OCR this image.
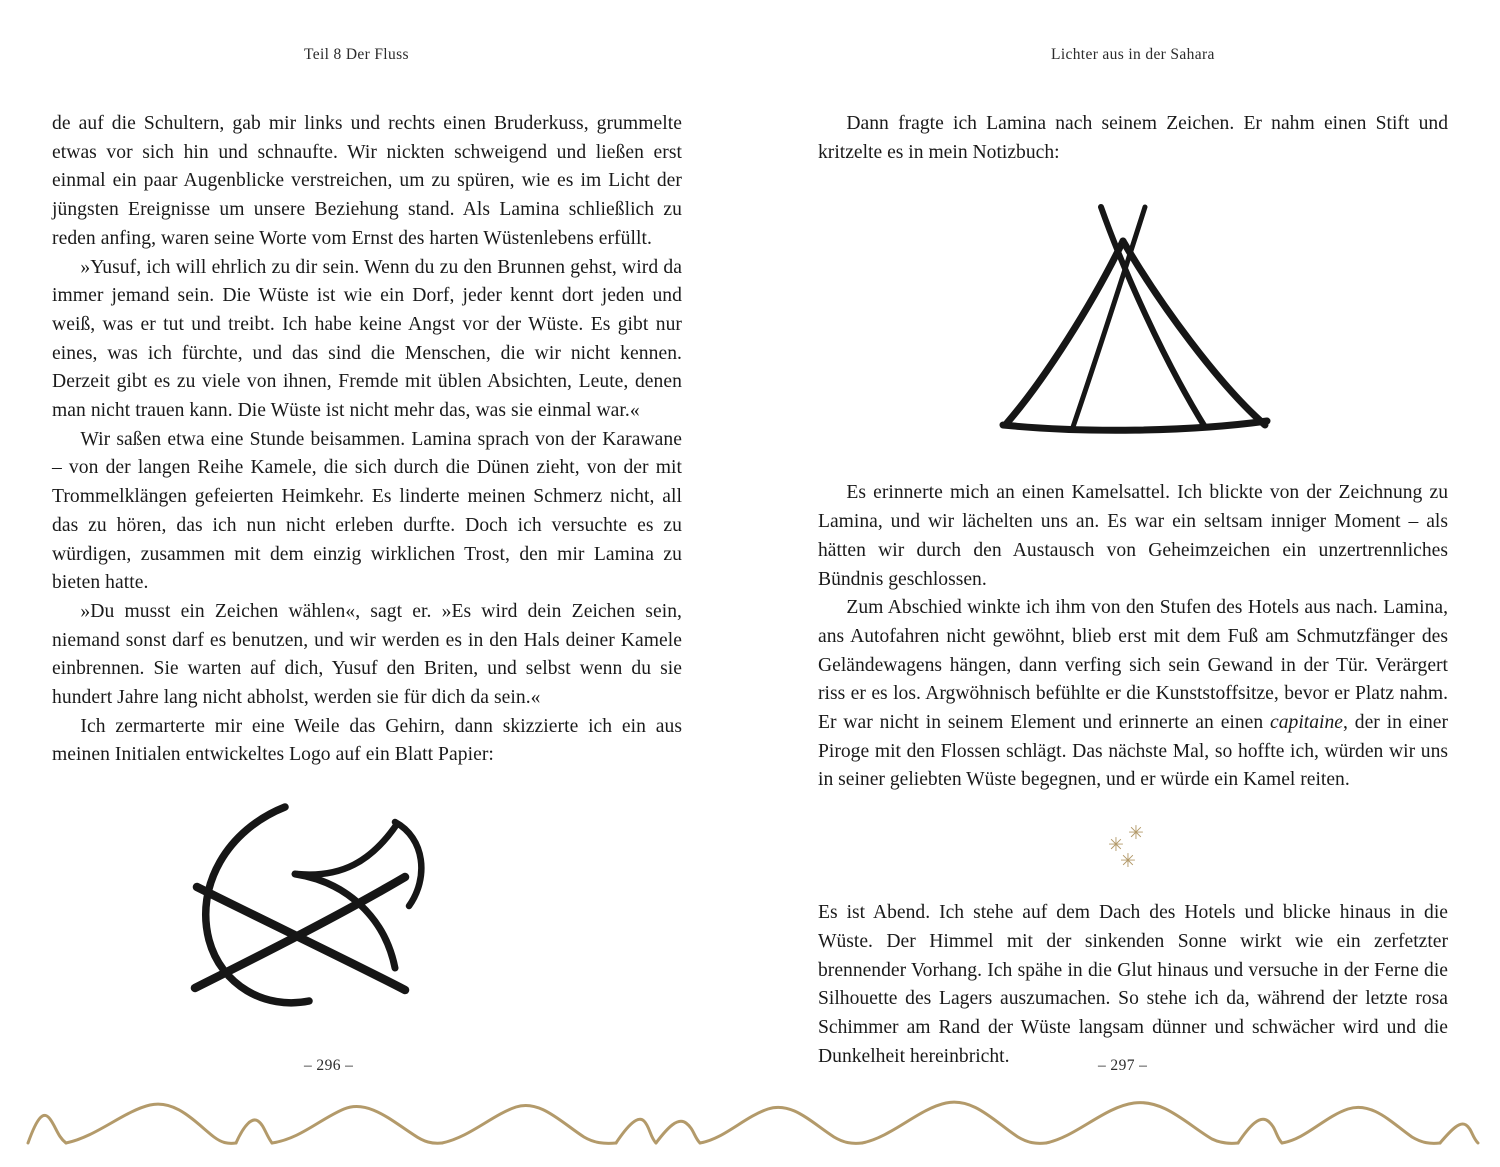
Teil 8 Der Fluss

de auf die Schultern, gab mir links und rechts einen Bruderkuss, grummelte etwas vor sich hin und schnaufte. Wir nickten schweigend und ließen erst einmal ein paar Augenblicke verstreichen, um zu spüren, wie es im Licht der jüngsten Ereignisse um unsere Beziehung stand. Als Lamina schließlich zu reden anfing, waren seine Worte vom Ernst des harten Wüstenlebens erfüllt.

»Yusuf, ich will ehrlich zu dir sein. Wenn du zu den Brunnen gehst, wird da immer jemand sein. Die Wüste ist wie ein Dorf, jeder kennt dort jeden und weiß, was er tut und treibt. Ich habe keine Angst vor der Wüste. Es gibt nur eines, was ich fürchte, und das sind die Menschen, die wir nicht kennen. Derzeit gibt es zu viele von ihnen, Fremde mit üblen Absichten, Leute, denen man nicht trauen kann. Die Wüste ist nicht mehr das, was sie einmal war.«

Wir saßen etwa eine Stunde beisammen. Lamina sprach von der Karawane – von der langen Reihe Kamele, die sich durch die Dünen zieht, von der mit Trommelklängen gefeierten Heimkehr. Es linderte meinen Schmerz nicht, all das zu hören, das ich nun nicht erleben durfte. Doch ich versuchte es zu würdigen, zusammen mit dem einzig wirklichen Trost, den mir Lamina zu bieten hatte.

»Du musst ein Zeichen wählen«, sagt er. »Es wird dein Zeichen sein, niemand sonst darf es benutzen, und wir werden es in den Hals deiner Kamele einbrennen. Sie warten auf dich, Yusuf den Briten, und selbst wenn du sie hundert Jahre lang nicht abholst, werden sie für dich da sein.«

Ich zermarterte mir eine Weile das Gehirn, dann skizzierte ich ein aus meinen Initialen entwickeltes Logo auf ein Blatt Papier:

– 296 –
Lichter aus in der Sahara

Dann fragte ich Lamina nach seinem Zeichen. Er nahm einen Stift und kritzelte es in mein Notizbuch:

Es erinnerte mich an einen Kamelsattel. Ich blickte von der Zeichnung zu Lamina, und wir lächelten uns an. Es war ein seltsam inniger Moment – als hätten wir durch den Austausch von Geheimzeichen ein unzertrennliches Bündnis geschlossen.

Zum Abschied winkte ich ihm von den Stufen des Hotels aus nach. Lamina, ans Autofahren nicht gewöhnt, blieb erst mit dem Fuß am Schmutzfänger des Geländewagens hängen, dann verfing sich sein Gewand in der Tür. Verärgert riss er es los. Argwöhnisch befühlte er die Kunststoffsitze, bevor er Platz nahm. Er war nicht in seinem Element und erinnerte an einen capitaine, der in einer Piroge mit den Flossen schlägt. Das nächste Mal, so hoffte ich, würden wir uns in seiner geliebten Wüste begegnen, und er würde ein Kamel reiten.

✳
✳
✳

Es ist Abend. Ich stehe auf dem Dach des Hotels und blicke hinaus in die Wüste. Der Himmel mit der sinkenden Sonne wirkt wie ein zerfetzter brennender Vorhang. Ich spähe in die Glut hinaus und versuche in der Ferne die Silhouette des Lagers auszumachen. So stehe ich da, während der letzte rosa Schimmer am Rand der Wüste langsam dünner und schwächer wird und die Dunkelheit hereinbricht.	– 297 –
